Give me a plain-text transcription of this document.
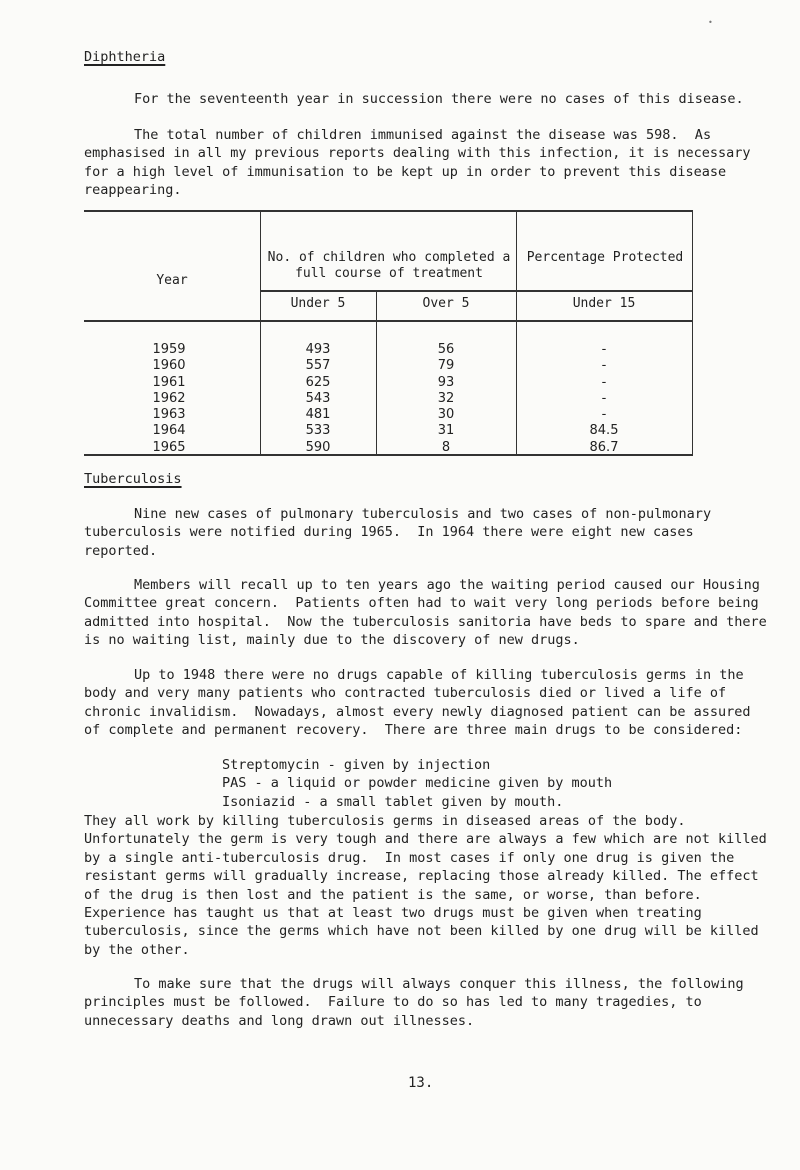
•
Diphtheria

For the seventeenth year in succession there were no cases of this disease.

The total number of children immunised against the disease was 598.  As emphasised in all my previous reports dealing with this infection, it is necessary for a high level of immunisation to be kept up in order to prevent this disease reappearing.

Year
No. of children who completed a full course of treatment
Percentage Protected
Under 5	Over 5	Under 15
1959
1960
1961
1962
1963
1964
1965
493
557
625
543
481
533
590
56
79
93
32
30
31
8
-
-
-
-
-
84.5
86.7
Tuberculosis

Nine new cases of pulmonary tuberculosis and two cases of non-pulmonary tuberculosis were notified during 1965.  In 1964 there were eight new cases reported.

Members will recall up to ten years ago the waiting period caused our Housing Committee great concern.  Patients often had to wait very long periods before being admitted into hospital.  Now the tuberculosis sanitoria have beds to spare and there is no waiting list, mainly due to the discovery of new drugs.

Up to 1948 there were no drugs capable of killing tuberculosis germs in the body and very many patients who contracted tuberculosis died or lived a life of chronic invalidism.  Nowadays, almost every newly diagnosed patient can be assured of complete and permanent recovery.  There are three main drugs to be considered:

Streptomycin - given by injection
PAS - a liquid or powder medicine given by mouth
Isoniazid - a small tablet given by mouth.

They all work by killing tuberculosis germs in diseased areas of the body. Unfortunately the germ is very tough and there are always a few which are not killed by a single anti-tuberculosis drug.  In most cases if only one drug is given the resistant germs will gradually increase, replacing those already killed. The effect of the drug is then lost and the patient is the same, or worse, than before.  Experience has taught us that at least two drugs must be given when treating tuberculosis, since the germs which have not been killed by one drug will be killed by the other.

To make sure that the drugs will always conquer this illness, the following principles must be followed.  Failure to do so has led to many tragedies, to unnecessary deaths and long drawn out illnesses.

13.
